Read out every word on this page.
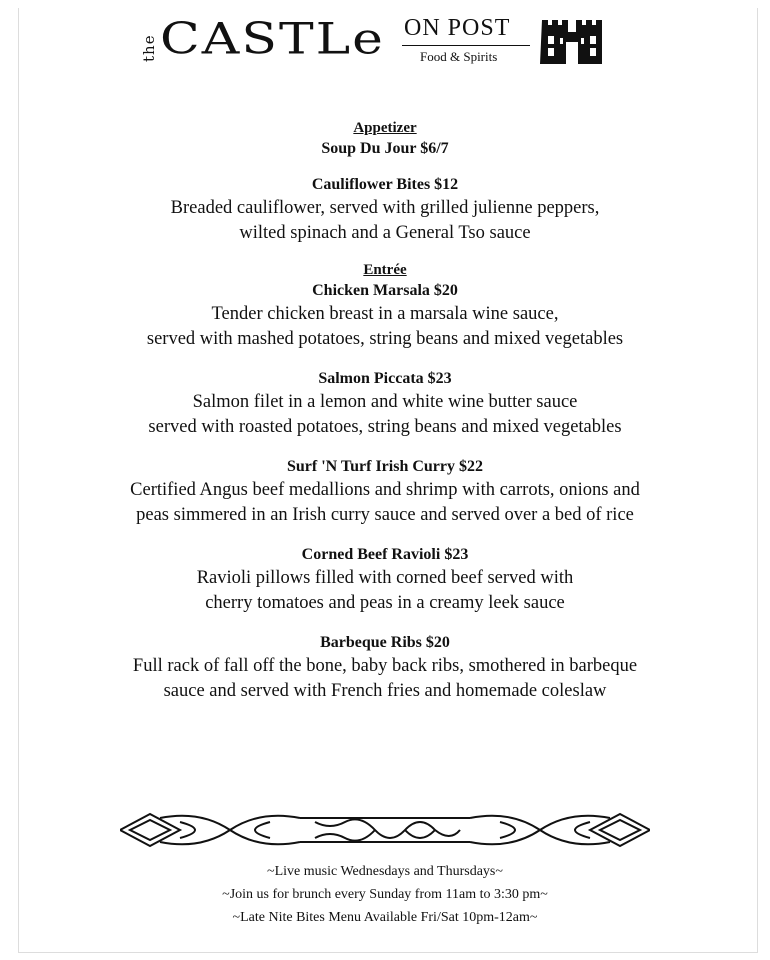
the CASTLe ON POST
Food & Spirits
Appetizer
Soup Du Jour $6/7
Cauliflower Bites $12
Breaded cauliflower, served with grilled julienne peppers,
wilted spinach and a General Tso sauce
Entrée
Chicken Marsala $20
Tender chicken breast in a marsala wine sauce,
served with mashed potatoes, string beans and mixed vegetables
Salmon Piccata $23
Salmon filet in a lemon and white wine butter sauce
served with roasted potatoes, string beans and mixed vegetables
Surf 'N Turf Irish Curry $22
Certified Angus beef medallions and shrimp with carrots, onions and
peas simmered in an Irish curry sauce and served over a bed of rice
Corned Beef Ravioli $23
Ravioli pillows filled with corned beef served with
cherry tomatoes and peas in a creamy leek sauce
Barbeque Ribs $20
Full rack of fall off the bone, baby back ribs, smothered in barbeque
sauce and served with French fries and homemade coleslaw
~Live music Wednesdays and Thursdays~
~Join us for brunch every Sunday from 11am to 3:30 pm~
~Late Nite Bites Menu Available Fri/Sat 10pm-12am~
